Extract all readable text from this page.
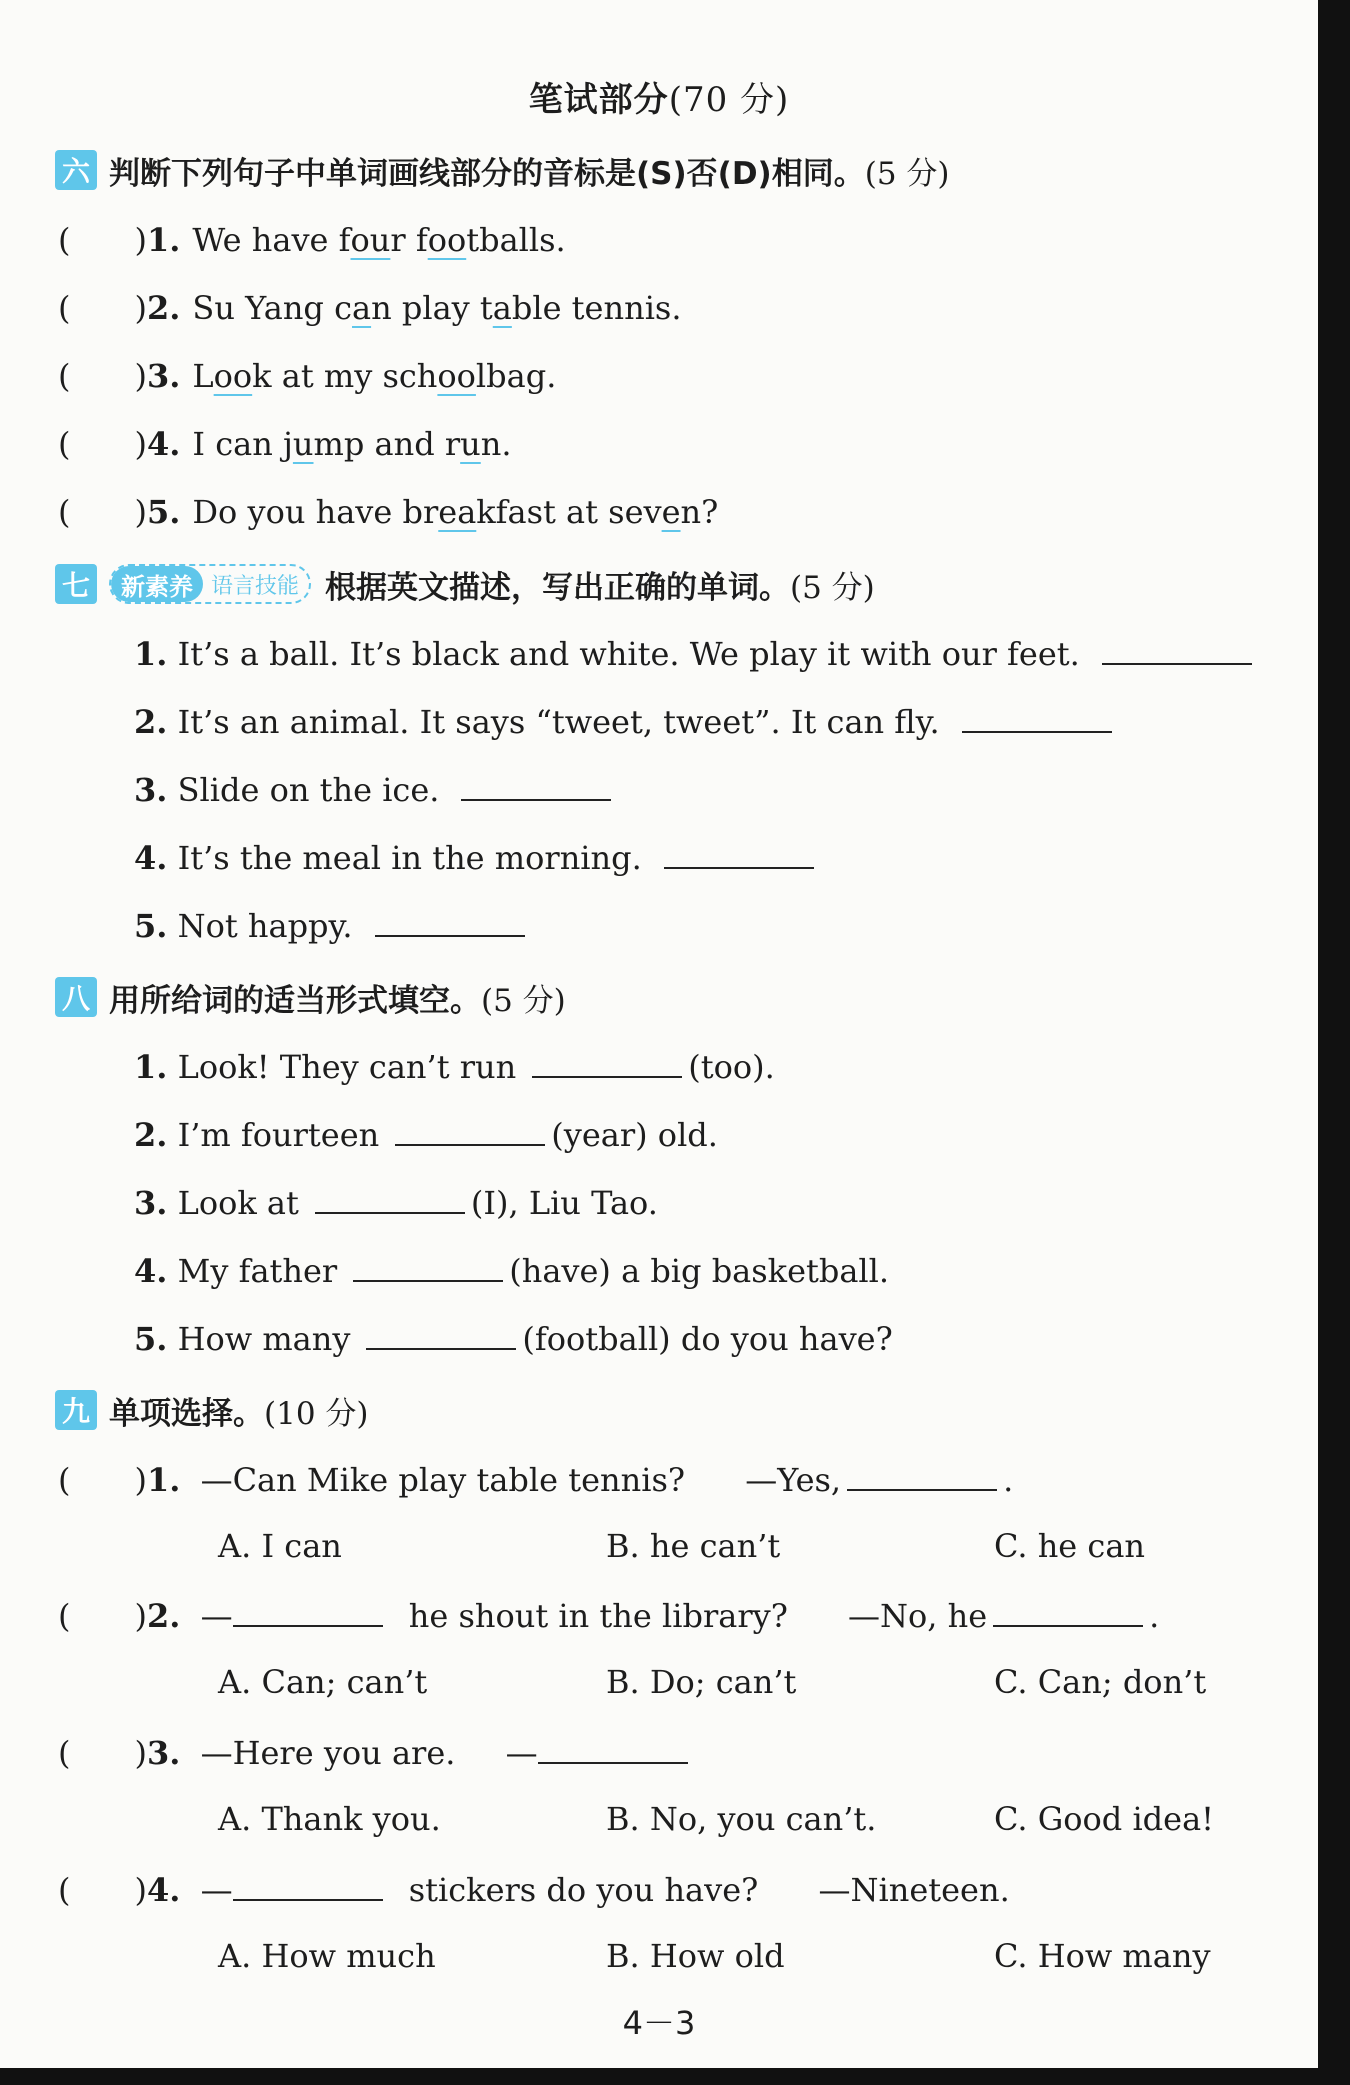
笔试部分(70 分)
六 判断下列句子中单词画线部分的音标是(S)否(D)相同。(5 分)
(　　)1. We have four footballs.
(　　)2. Su Yang can play table tennis.
(　　)3. Look at my schoolbag.
(　　)4. I can jump and run.
(　　)5. Do you have breakfast at seven?
七	新素养 语言技能 根据英文描述，写出正确的单词。(5 分)
1. It’s a ball. It’s black and white. We play it with our feet.
2. It’s an animal. It says “tweet, tweet”. It can fly.
3. Slide on the ice.
4. It’s the meal in the morning.
5. Not happy.
八 用所给词的适当形式填空。(5 分)
1. Look! They can’t run	(too).
2. I’m fourteen	(year) old.
3. Look at	(I), Liu Tao.
4. My father	(have) a big basketball.
5. How many	(football) do you have?
九 单项选择。(10 分)
(　　)1. —Can Mike play table tennis? —Yes,	.
A. I can	B. he can’t	C. he can
(　　)2. —	he shout in the library? —No, he	.
A. Can; can’t	B. Do; can’t	C. Can; don’t
(　　)3. —Here you are. —
A. Thank you.	B. No, you can’t.	C. Good idea!
(　　)4. —	stickers do you have? —Nineteen.
A. How much	B. How old	C. How many
4－3
